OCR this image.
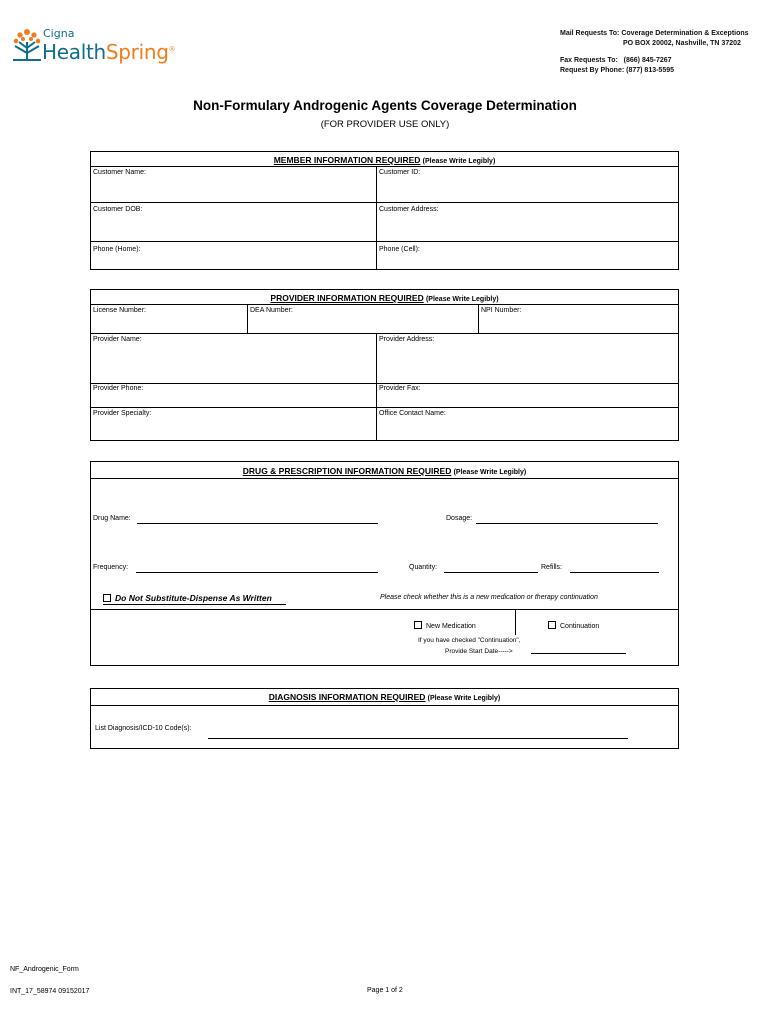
Cigna
HealthSpring®
Mail Requests To: Coverage Determination & Exceptions
PO BOX 20002, Nashville, TN 37202
Fax Requests To: (866) 845-7267
Request By Phone: (877) 813-5595
Non-Formulary Androgenic Agents Coverage Determination
(FOR PROVIDER USE ONLY)
MEMBER INFORMATION REQUIRED (Please Write Legibly)
Customer Name:	Customer ID:
Customer DOB:	Customer Address:
Phone (Home):	Phone (Cell):
PROVIDER INFORMATION REQUIRED (Please Write Legibly)
License Number:	DEA Number:	NPI Number:
Provider Name:	Provider Address:
Provider Phone:	Provider Fax:
Provider Specialty:	Office Contact Name:
DRUG & PRESCRIPTION INFORMATION REQUIRED (Please Write Legibly)
Drug Name:	Dosage:
Frequency:	Quantity:	Refills:
Do Not Substitute-Dispense As Written	Please check whether this is a new medication or therapy continuation
New Medication	Continuation
If you have checked "Continuation",
Provide Start Date----->
DIAGNOSIS INFORMATION REQUIRED (Please Write Legibly)
List Diagnosis/ICD-10 Code(s):
NF_Androgenic_Form
INT_17_58974 09152017	Page 1 of 2
